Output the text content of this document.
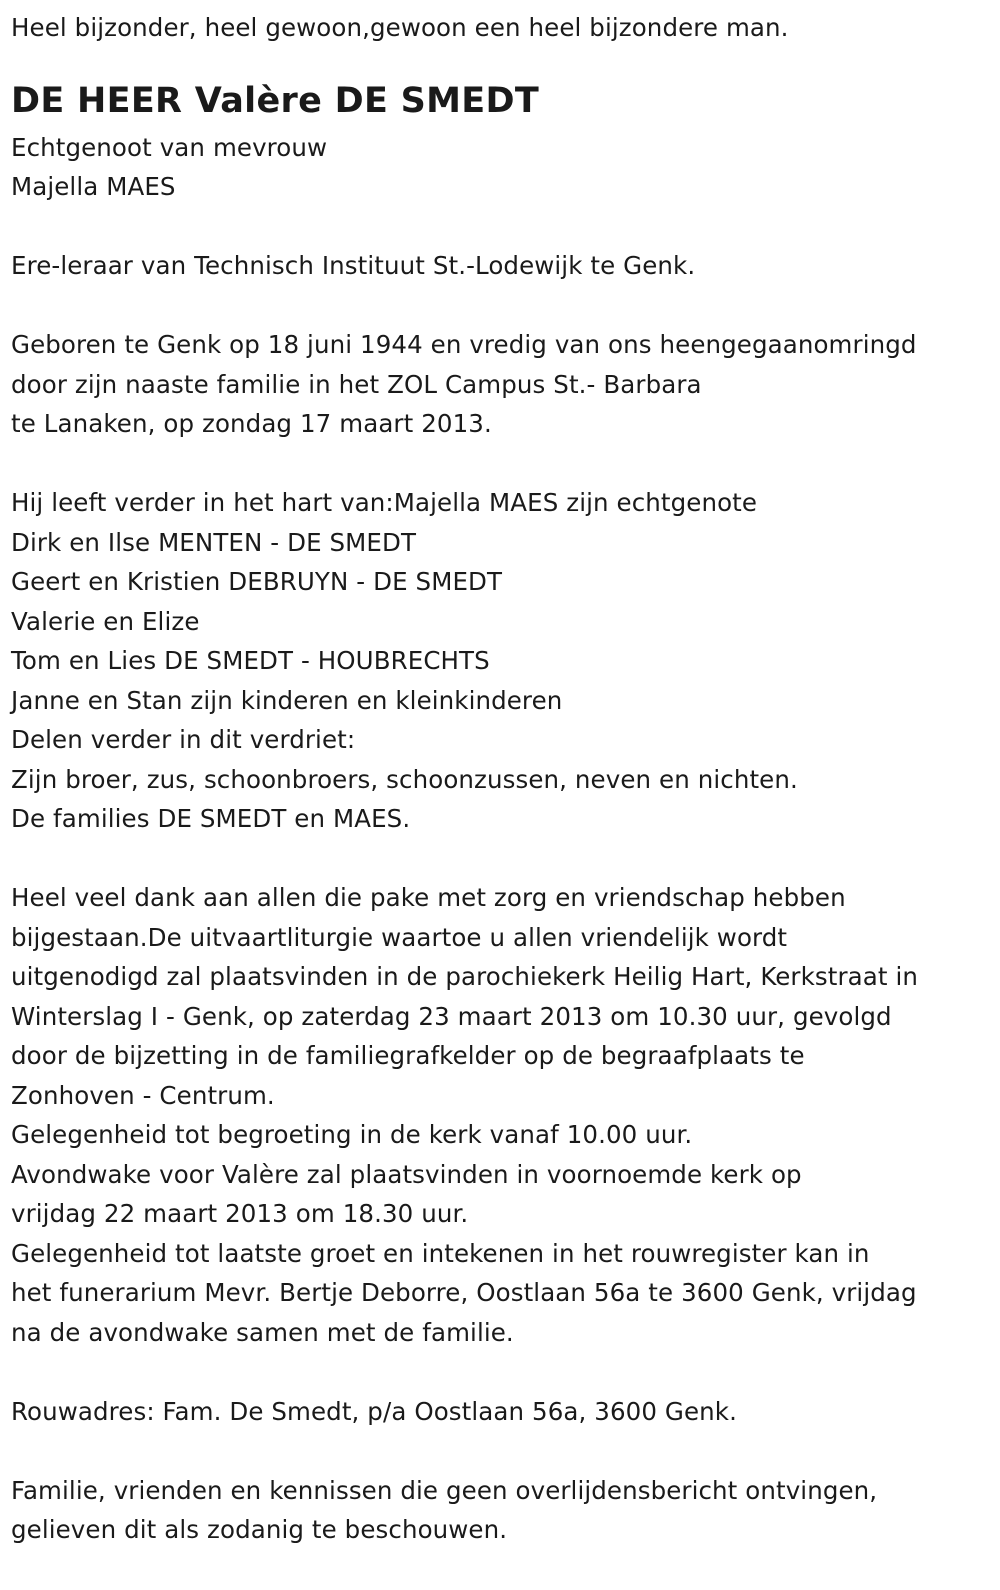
Heel bijzonder, heel gewoon,gewoon een heel bijzondere man.
DE HEER Valère DE SMEDT
Echtgenoot van mevrouw
Majella MAES
Ere-leraar van Technisch Instituut St.-Lodewijk te Genk.
Geboren te Genk op 18 juni 1944 en vredig van ons heengegaanomringd
door zijn naaste familie in het ZOL Campus St.- Barbara
te Lanaken, op zondag 17 maart 2013.
Hij leeft verder in het hart van:Majella MAES zijn echtgenote
Dirk en Ilse MENTEN - DE SMEDT
Geert en Kristien DEBRUYN - DE SMEDT
Valerie en Elize
Tom en Lies DE SMEDT - HOUBRECHTS
Janne en Stan zijn kinderen en kleinkinderen
Delen verder in dit verdriet:
Zijn broer, zus, schoonbroers, schoonzussen, neven en nichten.
De families DE SMEDT en MAES.
Heel veel dank aan allen die pake met zorg en vriendschap hebben
bijgestaan.De uitvaartliturgie waartoe u allen vriendelijk wordt
uitgenodigd zal plaatsvinden in de parochiekerk Heilig Hart, Kerkstraat in
Winterslag I - Genk, op zaterdag 23 maart 2013 om 10.30 uur, gevolgd
door de bijzetting in de familiegrafkelder op de begraafplaats te
Zonhoven - Centrum.
Gelegenheid tot begroeting in de kerk vanaf 10.00 uur.
Avondwake voor Valère zal plaatsvinden in voornoemde kerk op
vrijdag 22 maart 2013 om 18.30 uur.
Gelegenheid tot laatste groet en intekenen in het rouwregister kan in
het funerarium Mevr. Bertje Deborre, Oostlaan 56a te 3600 Genk, vrijdag
na de avondwake samen met de familie.
Rouwadres: Fam. De Smedt, p/a Oostlaan 56a, 3600 Genk.
Familie, vrienden en kennissen die geen overlijdensbericht ontvingen,
gelieven dit als zodanig te beschouwen.
